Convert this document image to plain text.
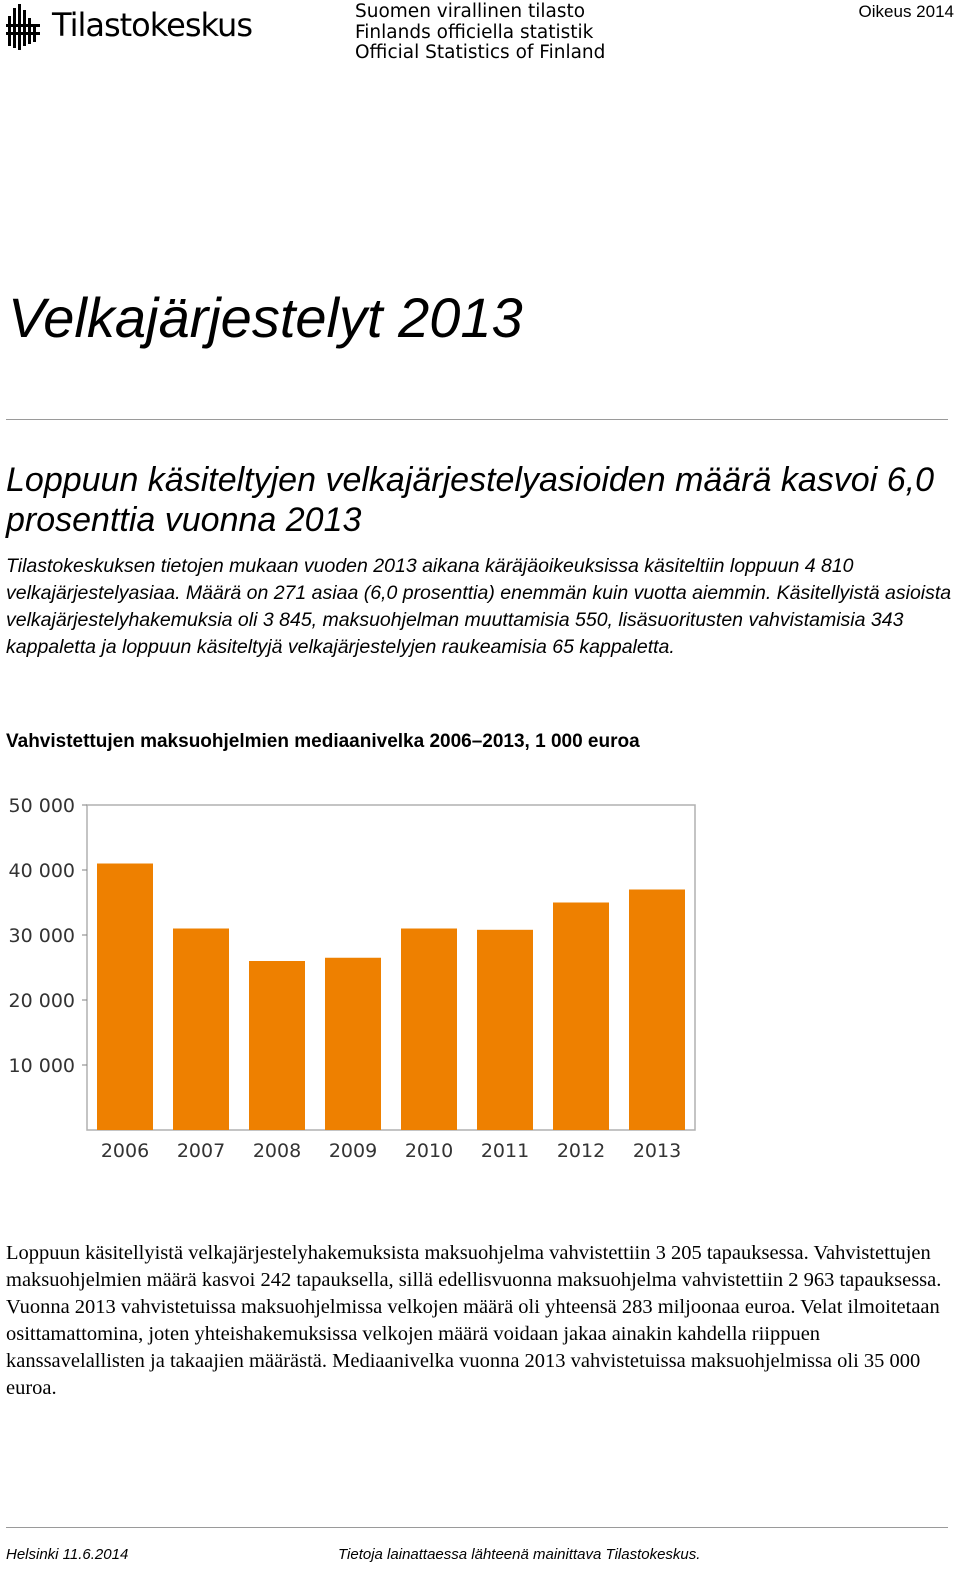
Tilastokeskus	Suomen virallinen tilasto
Finlands officiella statistik
Official Statistics of Finland
Oikeus 2014
Velkajärjestelyt 2013
Loppuun käsiteltyjen velkajärjestelyasioiden määrä kasvoi 6,0 prosenttia vuonna 2013

Tilastokeskuksen tietojen mukaan vuoden 2013 aikana käräjäoikeuksissa käsiteltiin loppuun 4 810 velkajärjestelyasiaa. Määrä on 271 asiaa (6,0 prosenttia) enemmän kuin vuotta aiemmin. Käsitellyistä asioista velkajärjestelyhakemuksia oli 3 845, maksuohjelman muuttamisia 550, lisäsuoritusten vahvistamisia 343 kappaletta ja loppuun käsiteltyjä velkajärjestelyjen raukeamisia 65 kappaletta.

Vahvistettujen maksuohjelmien mediaanivelka 2006–2013, 1 000 euroa
10 000
20 000
30 000
40 000
50 000
2006 2007 2008 2009 2010 2011 2012 2013

Loppuun käsitellyistä velkajärjestelyhakemuksista maksuohjelma vahvistettiin 3 205 tapauksessa. Vahvistettujen maksuohjelmien määrä kasvoi 242 tapauksella, sillä edellisvuonna maksuohjelma vahvistettiin 2 963 tapauksessa. Vuonna 2013 vahvistetuissa maksuohjelmissa velkojen määrä oli yhteensä 283 miljoonaa euroa. Velat ilmoitetaan osittamattomina, joten yhteishakemuksissa velkojen määrä voidaan jakaa ainakin kahdella riippuen kanssavelallisten ja takaajien määrästä. Mediaanivelka vuonna 2013 vahvistetuissa maksuohjelmissa oli 35 000 euroa.

Helsinki 11.6.2014	Tietoja lainattaessa lähteenä mainittava Tilastokeskus.
